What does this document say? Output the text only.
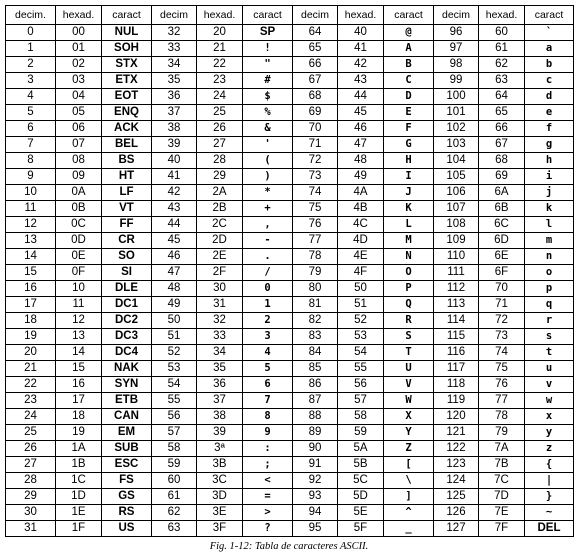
decim.	hexad.	caract	decim	hexad.	caract	decim	hexad.	caract	decim	hexad.	caract
0	00	NUL	32	20	SP	64	40	@	96	60	`
1	01	SOH	33	21	!	65	41	A	97	61	a
2	02	STX	34	22	"	66	42	B	98	62	b
3	03	ETX	35	23	#	67	43	C	99	63	c
4	04	EOT	36	24	$	68	44	D	100	64	d
5	05	ENQ	37	25	%	69	45	E	101	65	e
6	06	ACK	38	26	&	70	46	F	102	66	f
7	07	BEL	39	27	'	71	47	G	103	67	g
8	08	BS	40	28	(	72	48	H	104	68	h
9	09	HT	41	29	)	73	49	I	105	69	i
10	0A	LF	42	2A	*	74	4A	J	106	6A	j
11	0B	VT	43	2B	+	75	4B	K	107	6B	k
12	0C	FF	44	2C	,	76	4C	L	108	6C	l
13	0D	CR	45	2D	-	77	4D	M	109	6D	m
14	0E	SO	46	2E	.	78	4E	N	110	6E	n
15	0F	SI	47	2F	/	79	4F	O	111	6F	o
16	10	DLE	48	30	0	80	50	P	112	70	p
17	11	DC1	49	31	1	81	51	Q	113	71	q
18	12	DC2	50	32	2	82	52	R	114	72	r
19	13	DC3	51	33	3	83	53	S	115	73	s
20	14	DC4	52	34	4	84	54	T	116	74	t
21	15	NAK	53	35	5	85	55	U	117	75	u
22	16	SYN	54	36	6	86	56	V	118	76	v
23	17	ETB	55	37	7	87	57	W	119	77	w
24	18	CAN	56	38	8	88	58	X	120	78	x
25	19	EM	57	39	9	89	59	Y	121	79	y
26	1A	SUB	58	3ª	:	90	5A	Z	122	7A	z
27	1B	ESC	59	3B	;	91	5B	[	123	7B	{
28	1C	FS	60	3C	<	92	5C	\	124	7C	|
29	1D	GS	61	3D	=	93	5D	]	125	7D	}
30	1E	RS	62	3E	>	94	5E	^	126	7E	~
31	1F	US	63	3F	?	95	5F	_	127	7F	DEL
Fig. 1-12: Tabla de caracteres ASCII.
